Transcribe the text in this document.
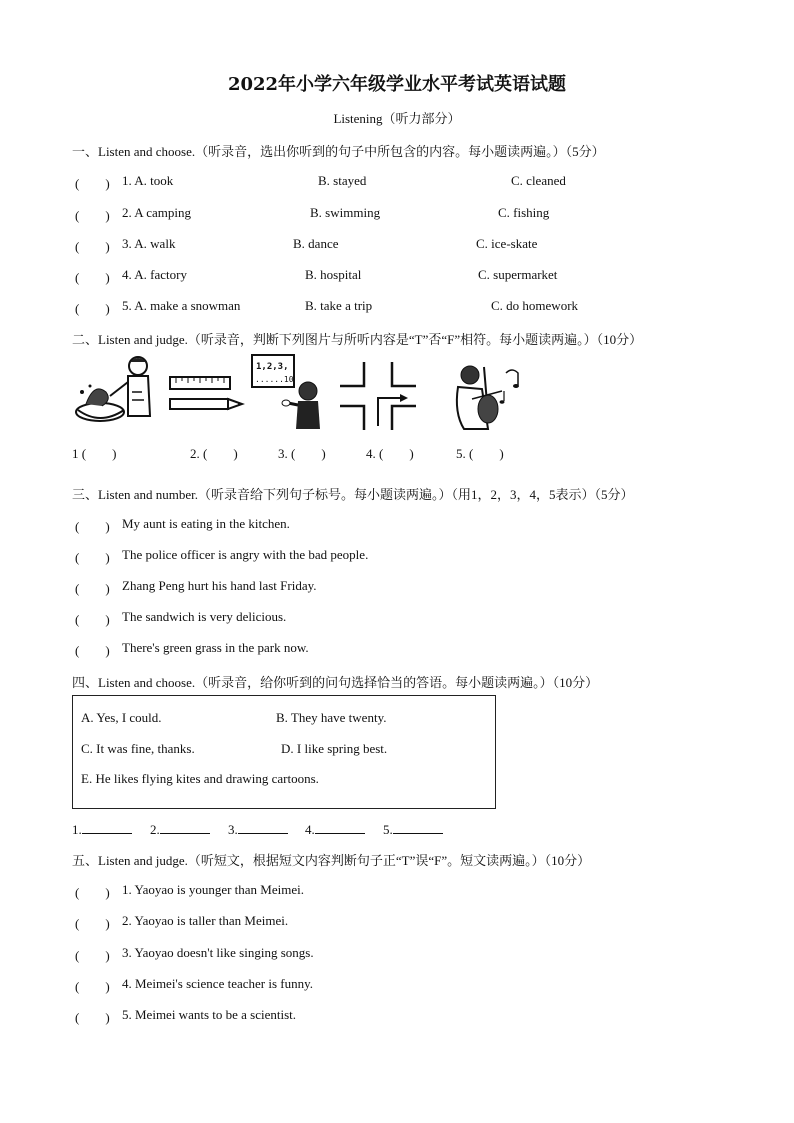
2022年小学六年级学业水平考试英语试题
Listening（听力部分）
一、Listen and choose.（听录音，选出你听到的句子中所包含的内容。每小题读两遍。）（5分）
(　　) 1. A. took	B. stayed	C. cleaned
(　　) 2. A camping	B. swimming	C. fishing
(　　) 3. A. walk	B. dance	C. ice-skate
(　　) 4. A. factory	B. hospital	C. supermarket
(　　) 5. A. make a snowman	B. take a trip	C. do homework
二、Listen and judge.（听录音，判断下列图片与所听内容是“T”否“F”相符。每小题读两遍。）（10分）
1,2,3,
......10
1 (　　)	2. (　　)	3. (　　)	4. (　　)	5. (　　)
三、Listen and number.（听录音给下列句子标号。每小题读两遍。）（用1，2，3，4，5表示）（5分）
(　　) My aunt is eating in the kitchen.
(　　) The police officer is angry with the bad people.
(　　) Zhang Peng hurt his hand last Friday.
(　　) The sandwich is very delicious.
(　　) There's green grass in the park now.
四、Listen and choose.（听录音，给你听到的问句选择恰当的答语。每小题读两遍。）（10分）
A. Yes, I could.	B. They have twenty.
C. It was fine, thanks.	D. I like spring best.
E. He likes flying kites and drawing cartoons.
1.	2.	3.	4.	5.
五、Listen and judge.（听短文，根据短文内容判断句子正“T”误“F”。短文读两遍。）（10分）
(　　) 1. Yaoyao is younger than Meimei.
(　　) 2. Yaoyao is taller than Meimei.
(　　) 3. Yaoyao doesn't like singing songs.
(　　) 4. Meimei's science teacher is funny.
(　　) 5. Meimei wants to be a scientist.
